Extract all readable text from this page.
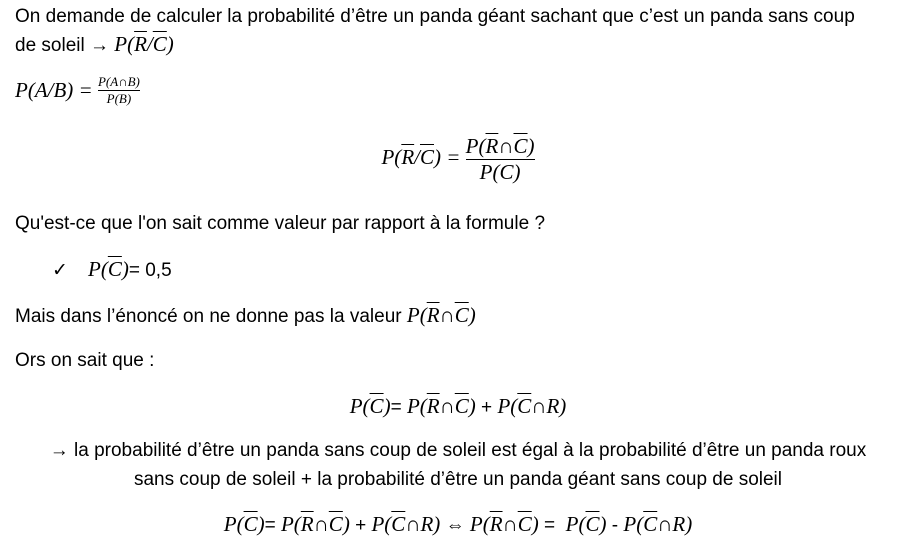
On demande de calculer la probabilité d’être un panda géant sachant que c’est un panda sans coup
de soleil → $P(\overline{R}/\overline{C})$
$P(A/B) = \frac{P(A\cap B)}{P(B)}$
$P(\overline{R}/\overline{C}) = \frac{P(\overline{R}\cap\overline{C})}{P(\overline{C})}$
Qu'est-ce que l'on sait comme valeur par rapport à la formule ?
✓ $P(\overline{C})= 0,5$
Mais dans l’énoncé on ne donne pas la valeur $P(\overline{R}\cap\overline{C})$
Ors on sait que :
$P(\overline{C})=$ $P(\overline{R}\cap\overline{C})$ + $P(\overline{C}\cap R)$
→ la probabilité d’être un panda sans coup de soleil est égal à la probabilité d’être un panda roux
sans coup de soleil + la probabilité d’être un panda géant sans coup de soleil
$P(\overline{C})=$ $P(\overline{R}\cap\overline{C})$ + $P(\overline{C}\cap R)$ ⇔ $P(\overline{R}\cap\overline{C}) = P(\overline{C})$ - $P(\overline{C}\cap R)$
